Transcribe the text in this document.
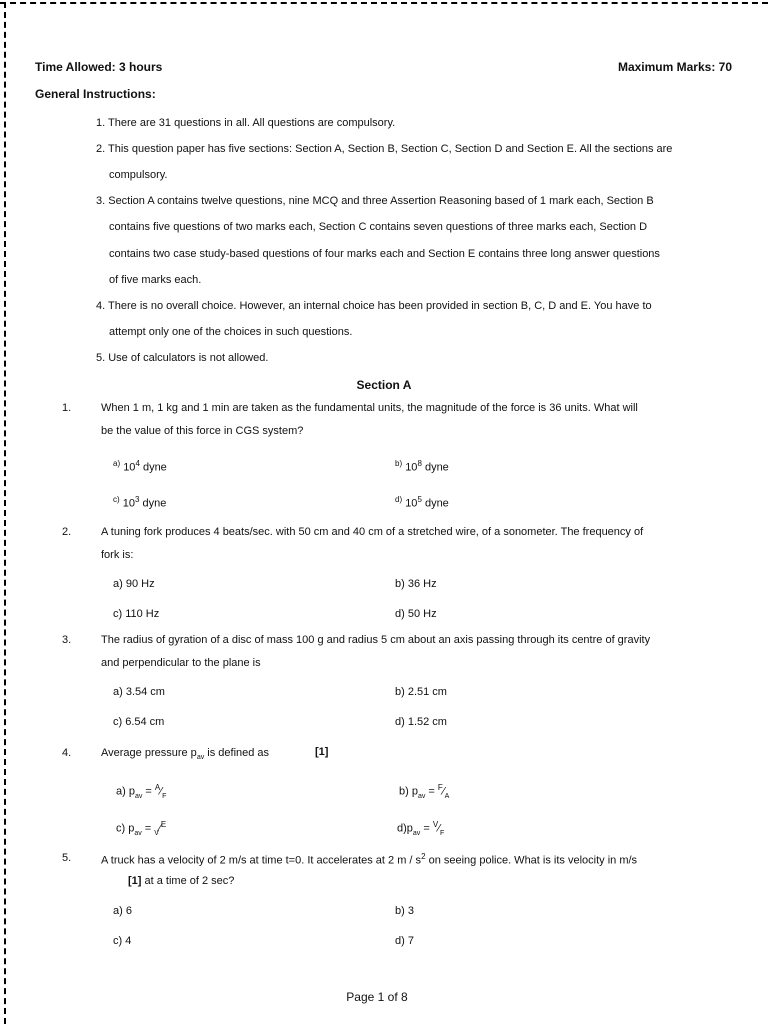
Time Allowed: 3 hours	Maximum Marks: 70
General Instructions:
1. There are 31 questions in all. All questions are compulsory.
2. This question paper has five sections: Section A, Section B, Section C, Section D and Section E. All the sections are
compulsory.
3. Section A contains twelve questions, nine MCQ and three Assertion Reasoning based of 1 mark each, Section B
contains five questions of two marks each, Section C contains seven questions of three marks each, Section D
contains two case study-based questions of four marks each and Section E contains three long answer questions
of five marks each.
4. There is no overall choice. However, an internal choice has been provided in section B, C, D and E. You have to
attempt only one of the choices in such questions.
5. Use of calculators is not allowed.
Section A
1.	When 1 m, 1 kg and 1 min are taken as the fundamental units, the magnitude of the force is 36 units. What will
be the value of this force in CGS system?
$^{a)}$ $10^4$ dyne	$^{b)}$ $10^8$ dyne
$^{c)}$ $10^3$ dyne	$^{d)}$ $10^5$ dyne
2.	A tuning fork produces 4 beats/sec. with 50 cm and 40 cm of a stretched wire, of a sonometer. The frequency of
fork is:
a) 90 Hz	b) 36 Hz
c) 110 Hz	d) 50 Hz
3.	The radius of gyration of a disc of mass 100 g and radius 5 cm about an axis passing through its centre of gravity
and perpendicular to the plane is
a) 3.54 cm	b) 2.51 cm
c) 6.54 cm	d) 1.52 cm
4.	Average pressure $p_{av}$ is defined as	[1]
a) $p_{av}$ = $^A⁄_F$	b) $p_{av}$ = $^F⁄_A$
c) $p_{av}$ = $_V$⁄$^E$	$d)p_{av}$ = $^V⁄_F$
5.	A truck has a velocity of 2 m/s at time t=0. It accelerates at 2 m / $s^2$ on seeing police. What is its velocity in m/s
[1] at a time of 2 sec?
a) 6	b) 3
c) 4	d) 7
Page 1 of 8
